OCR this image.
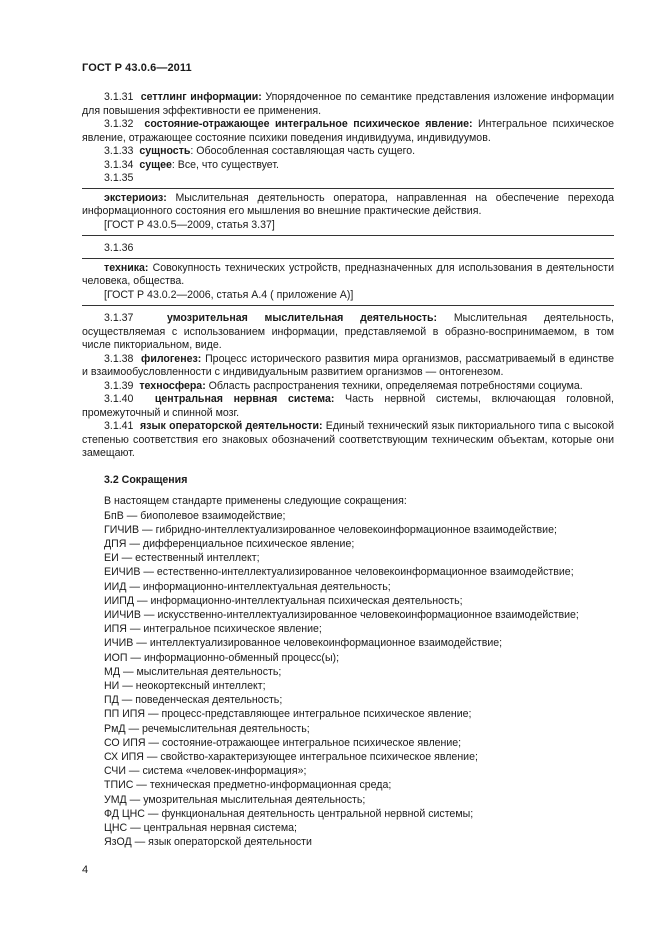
ГОСТ Р 43.0.6—2011

3.1.31 сеттлинг информации: Упорядоченное по семантике представления изложение информации для повышения эффективности ее применения.

3.1.32 состояние-отражающее интегральное психическое явление: Интегральное психическое явление, отражающее состояние психики поведения индивидуума, индивидуумов.

3.1.33 сущность: Обособленная составляющая часть сущего.

3.1.34 сущее: Все, что существует.

3.1.35

экстериоиз: Мыслительная деятельность оператора, направленная на обеспечение перехода информационного состояния его мышления во внешние практические действия.

[ГОСТ Р 43.0.5—2009, статья 3.37]

3.1.36

техника: Совокупность технических устройств, предназначенных для использования в деятельности человека, общества.

[ГОСТ Р 43.0.2—2006, статья А.4 ( приложение А)]

3.1.37	умозрительная мыслительная деятельность: Мыслительная деятельность, осуществляемая с использованием информации, представляемой в образно-воспринимаемом, в том числе пикториальном, виде.

3.1.38 филогенез: Процесс исторического развития мира организмов, рассматриваемый в единстве и взаимообусловленности с индивидуальным развитием организмов — онтогенезом.

3.1.39 техносфера: Область распространения техники, определяемая потребностями социума.

3.1.40 центральная нервная система: Часть нервной системы, включающая головной, промежуточный и спинной мозг.

3.1.41 язык операторской деятельности: Единый технический язык пикториального типа с высокой степенью соответствия его знаковых обозначений соответствующим техническим объектам, которые они замещают.

3.2 Сокращения

В настоящем стандарте применены следующие сокращения:

БпВ — биополевое взаимодействие;

ГИЧИВ — гибридно-интеллектуализированное человекоинформационное взаимодействие;

ДПЯ — дифференциальное психическое явление;

ЕИ — естественный интеллект;

ЕИЧИВ — естественно-интеллектуализированное человекоинформационное взаимодействие;

ИИД — информационно-интеллектуальная деятельность;

ИИПД — информационно-интеллектуальная психическая деятельность;

ИИЧИВ — искусственно-интеллектуализированное человекоинформационное взаимодействие;

ИПЯ — интегральное психическое явление;

ИЧИВ — интеллектуализированное человекоинформационное взаимодействие;

ИОП — информационно-обменный процесс(ы);

МД — мыслительная деятельность;

НИ — неокортексный интеллект;

ПД — поведенческая деятельность;

ПП ИПЯ — процесс-представляющее интегральное психическое явление;

РмД — речемыслительная деятельность;

СО ИПЯ — состояние-отражающее интегральное психическое явление;

СХ ИПЯ — свойство-характеризующее интегральное психическое явление;

СЧИ — система «человек-информация»;

ТПИС — техническая предметно-информационная среда;

УМД — умозрительная мыслительная деятельность;

ФД ЦНС — функциональная деятельность центральной нервной системы;

ЦНС — центральная нервная система;

ЯзОД — язык операторской деятельности

4
